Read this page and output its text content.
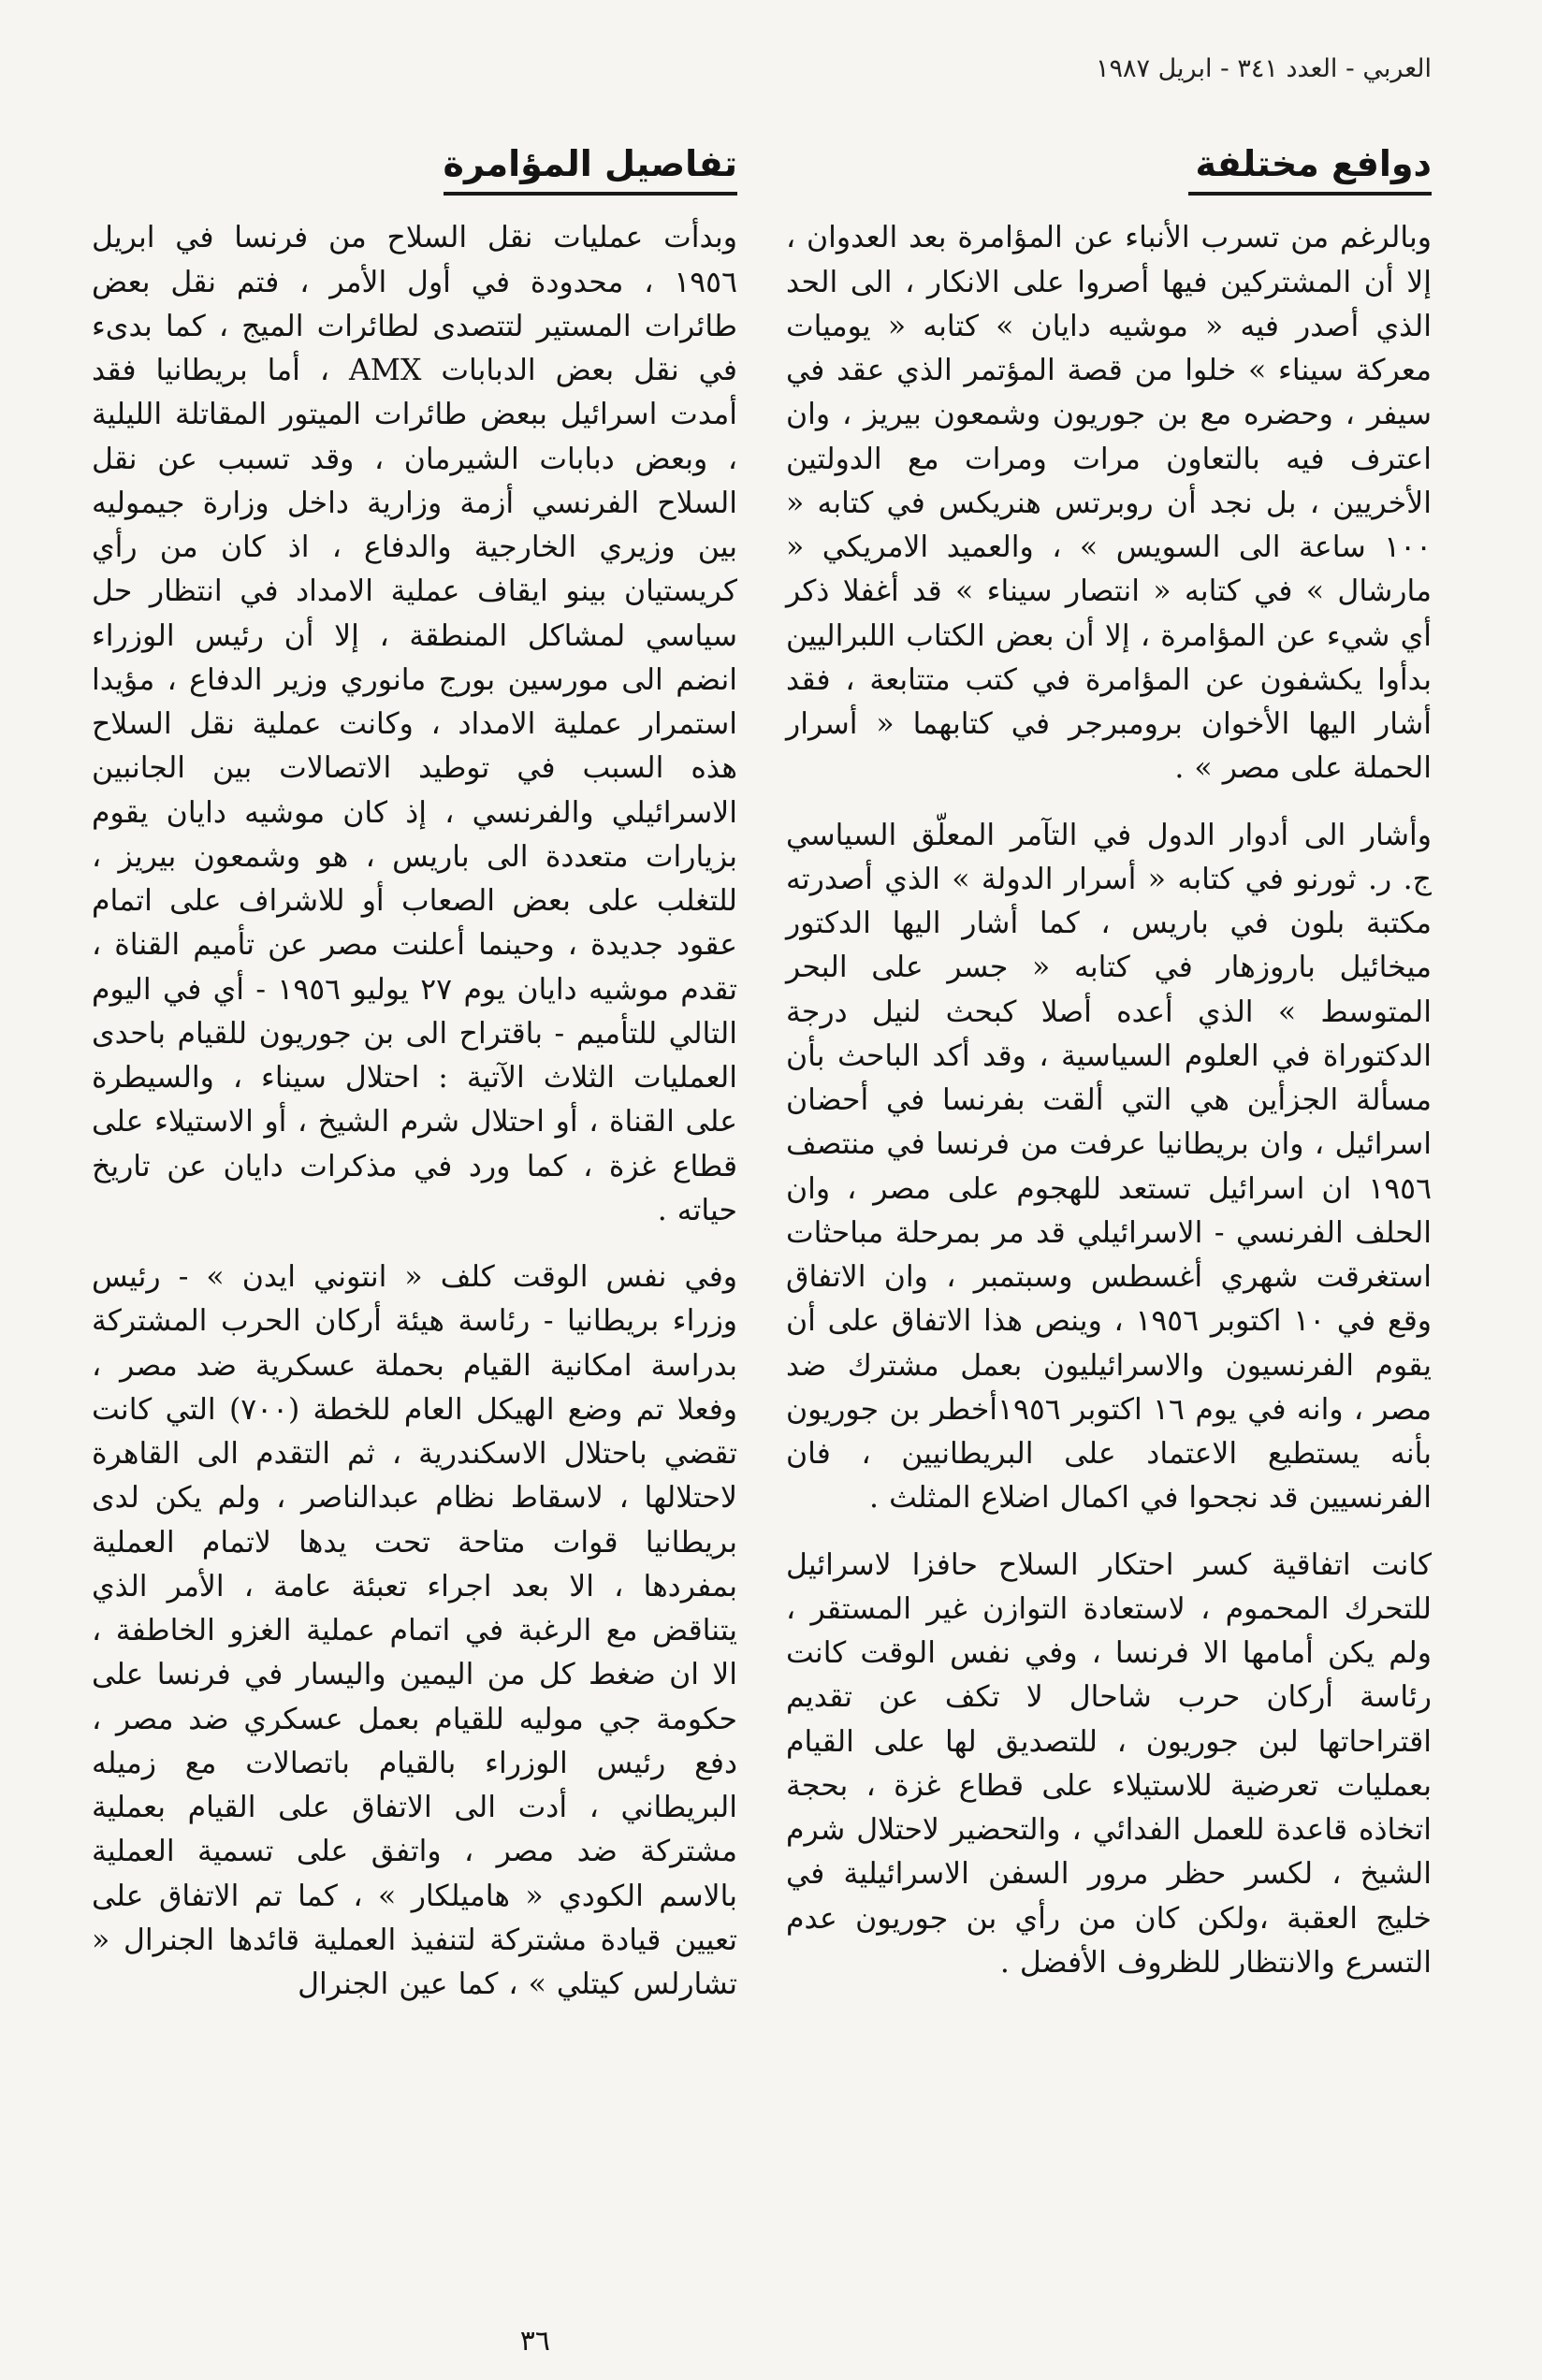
العربي - العدد ٣٤١ - ابريل ١٩٨٧
دوافع مختلفة

وبالرغم من تسرب الأنباء عن المؤامرة بعد العدوان ، إلا أن المشتركين فيها أصروا على الانكار ، الى الحد الذي أصدر فيه « موشيه دايان » كتابه « يوميات معركة سيناء » خلوا من قصة المؤتمر الذي عقد في سيفر ، وحضره مع بن جوريون وشمعون بيريز ، وان اعترف فيه بالتعاون مرات ومرات مع الدولتين الأخريين ، بل نجد أن روبرتس هنريكس في كتابه « ١٠٠ ساعة الى السويس » ، والعميد الامريكي « مارشال » في كتابه « انتصار سيناء » قد أغفلا ذكر أي شيء عن المؤامرة ، إلا أن بعض الكتاب اللبراليين بدأوا يكشفون عن المؤامرة في كتب متتابعة ، فقد أشار اليها الأخوان برومبرجر في كتابهما « أسرار الحملة على مصر » .

وأشار الى أدوار الدول في التآمر المعلّق السياسي ج. ر. ثورنو في كتابه « أسرار الدولة » الذي أصدرته مكتبة بلون في باريس ، كما أشار اليها الدكتور ميخائيل باروزهار في كتابه « جسر على البحر المتوسط » الذي أعده أصلا كبحث لنيل درجة الدكتوراة في العلوم السياسية ، وقد أكد الباحث بأن مسألة الجزأين هي التي ألقت بفرنسا في أحضان اسرائيل ، وان بريطانيا عرفت من فرنسا في منتصف ١٩٥٦ ان اسرائيل تستعد للهجوم على مصر ، وان الحلف الفرنسي - الاسرائيلي قد مر بمرحلة مباحثات استغرقت شهري أغسطس وسبتمبر ، وان الاتفاق وقع في ١٠ اكتوبر ١٩٥٦ ، وينص هذا الاتفاق على أن يقوم الفرنسيون والاسرائيليون بعمل مشترك ضد مصر ، وانه في يوم ١٦ اكتوبر ١٩٥٦أخطر بن جوريون بأنه يستطيع الاعتماد على البريطانيين ، فان الفرنسيين قد نجحوا في اكمال اضلاع المثلث .

كانت اتفاقية كسر احتكار السلاح حافزا لاسرائيل للتحرك المحموم ، لاستعادة التوازن غير المستقر ، ولم يكن أمامها الا فرنسا ، وفي نفس الوقت كانت رئاسة أركان حرب شاحال لا تكف عن تقديم اقتراحاتها لبن جوريون ، للتصديق لها على القيام بعمليات تعرضية للاستيلاء على قطاع غزة ، بحجة اتخاذه قاعدة للعمل الفدائي ، والتحضير لاحتلال شرم الشيخ ، لكسر حظر مرور السفن الاسرائيلية في خليج العقبة ،ولكن كان من رأي بن جوريون عدم التسرع والانتظار للظروف الأفضل .

تفاصيل المؤامرة

وبدأت عمليات نقل السلاح من فرنسا في ابريل ١٩٥٦ ، محدودة في أول الأمر ، فتم نقل بعض طائرات المستير لتتصدى لطائرات الميج ، كما بدىء في نقل بعض الدبابات AMX ، أما بريطانيا فقد أمدت اسرائيل ببعض طائرات الميتور المقاتلة الليلية ، وبعض دبابات الشيرمان ، وقد تسبب عن نقل السلاح الفرنسي أزمة وزارية داخل وزارة جيموليه بين وزيري الخارجية والدفاع ، اذ كان من رأي كريستيان بينو ايقاف عملية الامداد في انتظار حل سياسي لمشاكل المنطقة ، إلا أن رئيس الوزراء انضم الى مورسين بورج مانوري وزير الدفاع ، مؤيدا استمرار عملية الامداد ، وكانت عملية نقل السلاح هذه السبب في توطيد الاتصالات بين الجانبين الاسرائيلي والفرنسي ، إذ كان موشيه دايان يقوم بزيارات متعددة الى باريس ، هو وشمعون بيريز ، للتغلب على بعض الصعاب أو للاشراف على اتمام عقود جديدة ، وحينما أعلنت مصر عن تأميم القناة ، تقدم موشيه دايان يوم ٢٧ يوليو ١٩٥٦ - أي في اليوم التالي للتأميم - باقتراح الى بن جوريون للقيام باحدى العمليات الثلاث الآتية : احتلال سيناء ، والسيطرة على القناة ، أو احتلال شرم الشيخ ، أو الاستيلاء على قطاع غزة ، كما ورد في مذكرات دايان عن تاريخ حياته .

وفي نفس الوقت كلف « انتوني ايدن » - رئيس وزراء بريطانيا - رئاسة هيئة أركان الحرب المشتركة بدراسة امكانية القيام بحملة عسكرية ضد مصر ، وفعلا تم وضع الهيكل العام للخطة (٧٠٠) التي كانت تقضي باحتلال الاسكندرية ، ثم التقدم الى القاهرة لاحتلالها ، لاسقاط نظام عبدالناصر ، ولم يكن لدى بريطانيا قوات متاحة تحت يدها لاتمام العملية بمفردها ، الا بعد اجراء تعبئة عامة ، الأمر الذي يتناقض مع الرغبة في اتمام عملية الغزو الخاطفة ، الا ان ضغط كل من اليمين واليسار في فرنسا على حكومة جي موليه للقيام بعمل عسكري ضد مصر ، دفع رئيس الوزراء بالقيام باتصالات مع زميله البريطاني ، أدت الى الاتفاق على القيام بعملية مشتركة ضد مصر ، واتفق على تسمية العملية بالاسم الكودي « هاميلكار » ، كما تم الاتفاق على تعيين قيادة مشتركة لتنفيذ العملية قائدها الجنرال « تشارلس كيتلي » ، كما عين الجنرال

٣٦
